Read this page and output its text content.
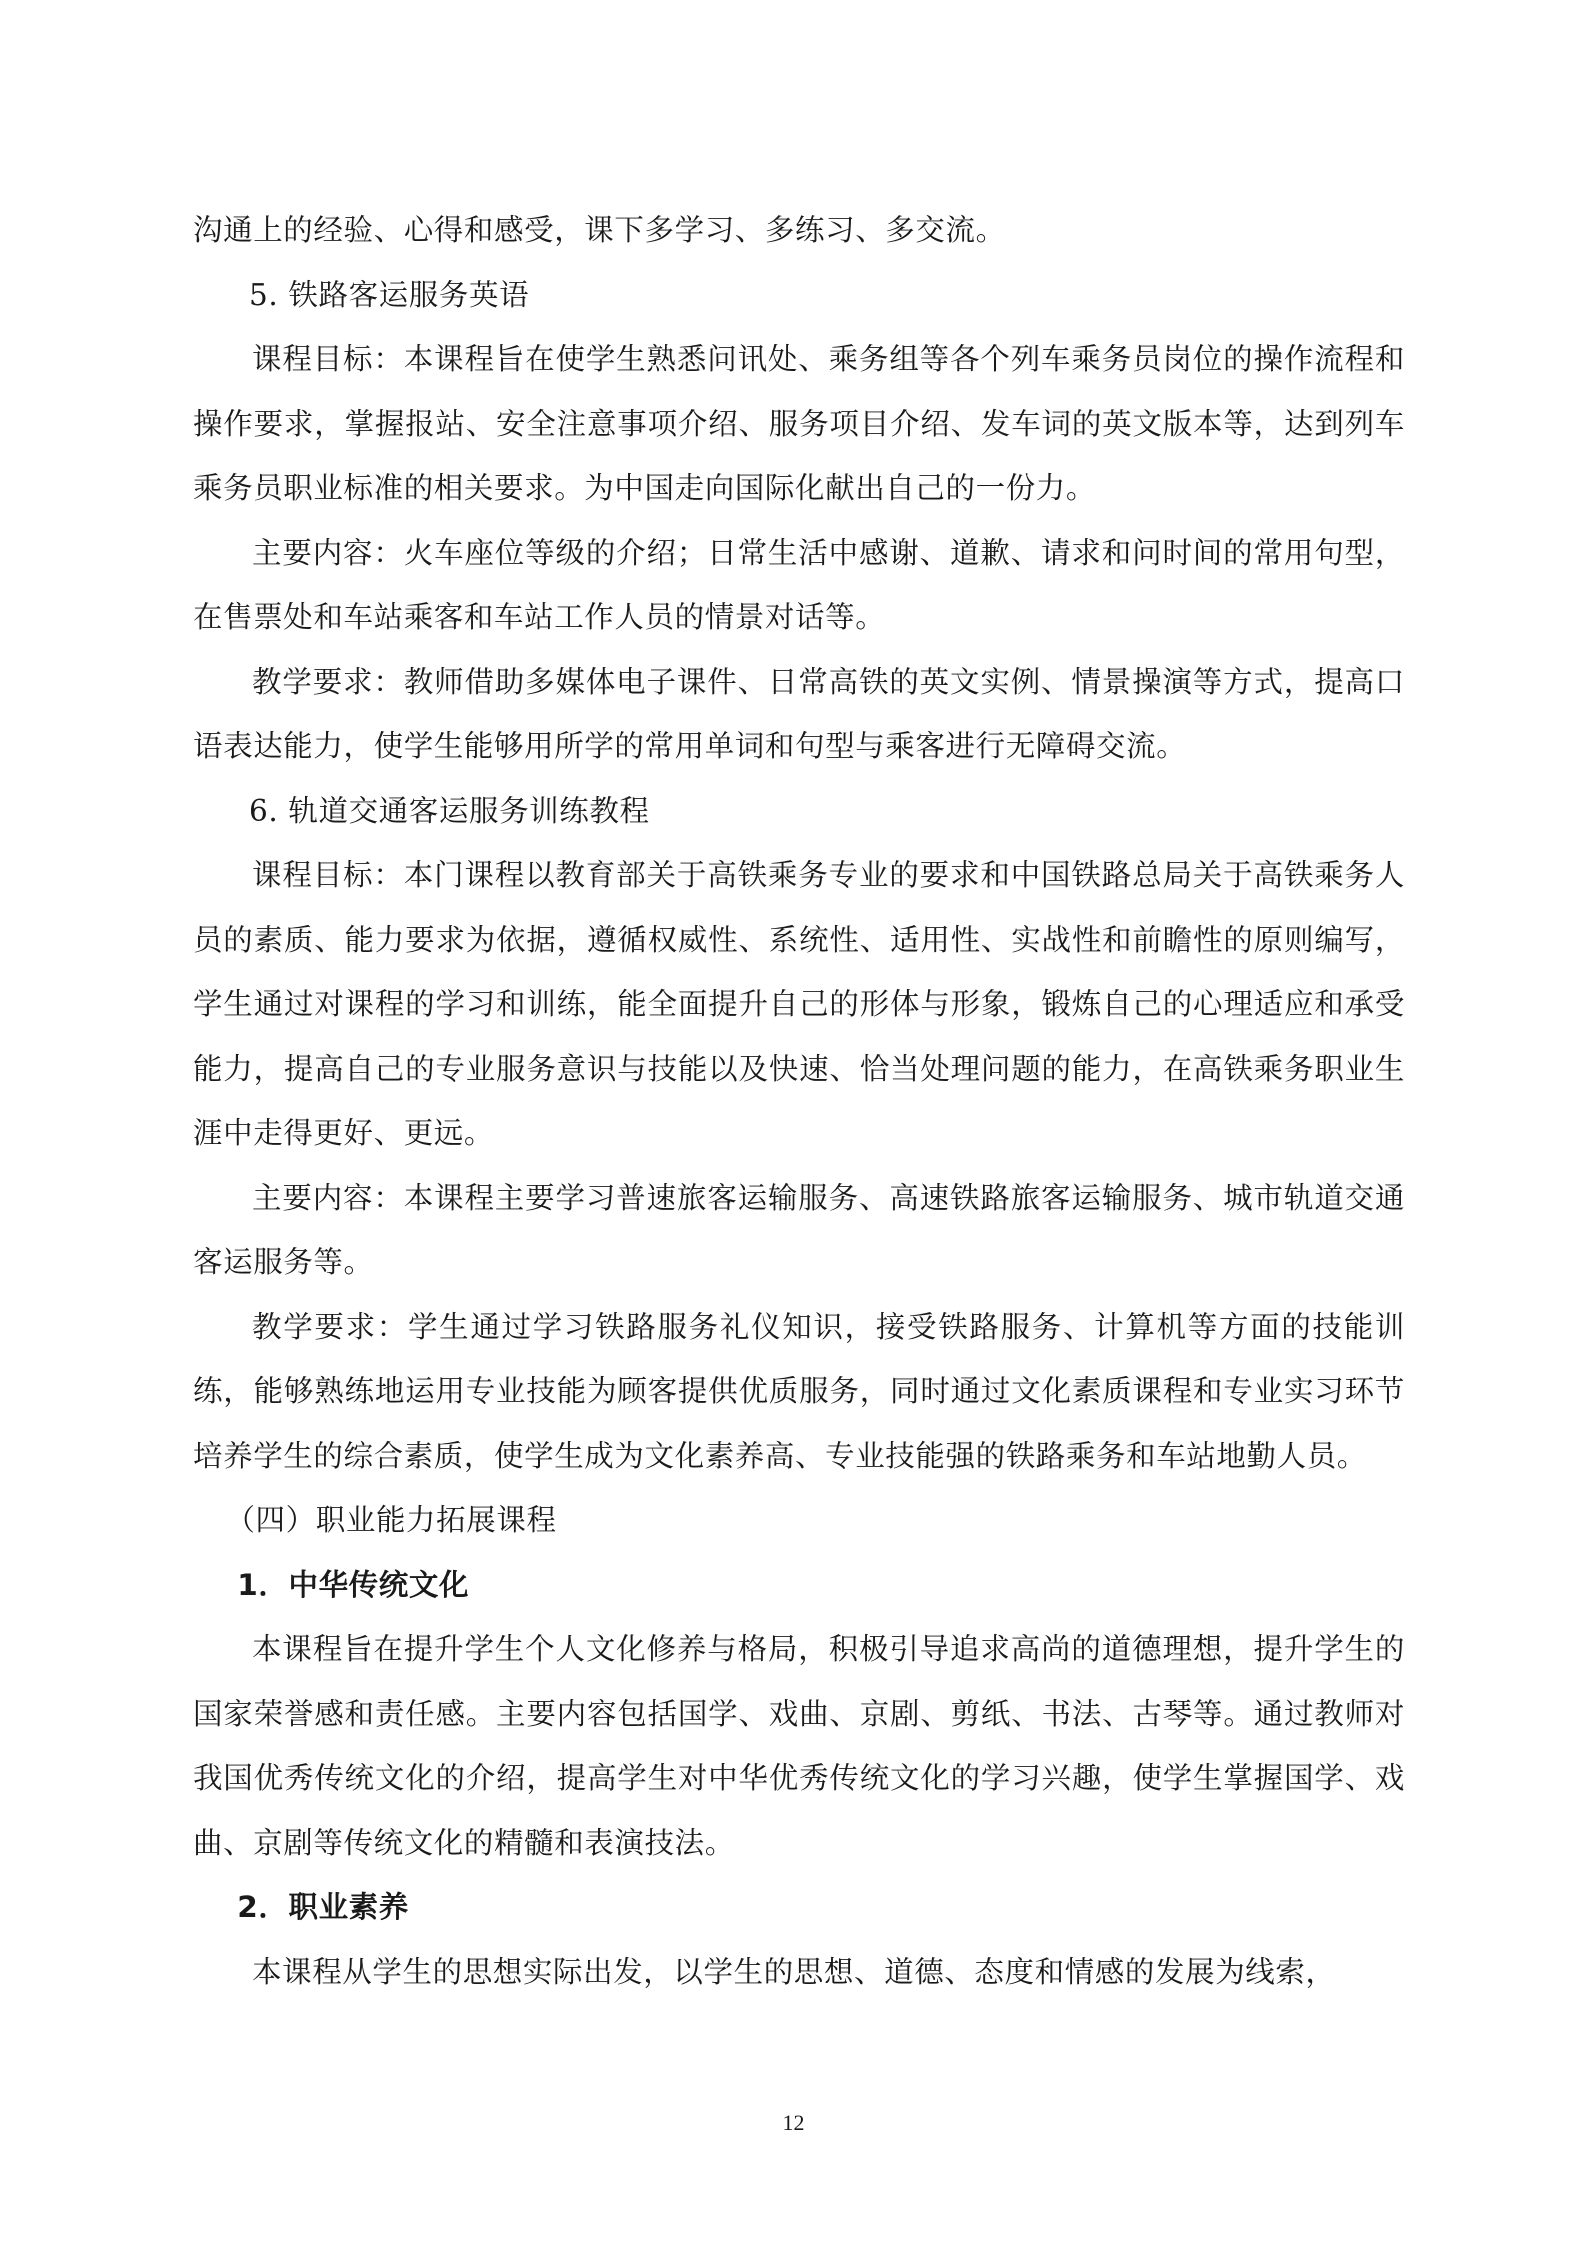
沟通上的经验、心得和感受，课下多学习、多练习、多交流。

5. 铁路客运服务英语

课程目标：本课程旨在使学生熟悉问讯处、乘务组等各个列车乘务员岗位的操作流程和操作要求，掌握报站、安全注意事项介绍、服务项目介绍、发车词的英文版本等，达到列车乘务员职业标准的相关要求。为中国走向国际化献出自己的一份力。

主要内容：火车座位等级的介绍；日常生活中感谢、道歉、请求和问时间的常用句型，在售票处和车站乘客和车站工作人员的情景对话等。

教学要求：教师借助多媒体电子课件、日常高铁的英文实例、情景操演等方式，提高口语表达能力，使学生能够用所学的常用单词和句型与乘客进行无障碍交流。

6. 轨道交通客运服务训练教程

课程目标：本门课程以教育部关于高铁乘务专业的要求和中国铁路总局关于高铁乘务人员的素质、能力要求为依据，遵循权威性、系统性、适用性、实战性和前瞻性的原则编写，学生通过对课程的学习和训练，能全面提升自己的形体与形象，锻炼自己的心理适应和承受能力，提高自己的专业服务意识与技能以及快速、恰当处理问题的能力，在高铁乘务职业生涯中走得更好、更远。

主要内容：本课程主要学习普速旅客运输服务、高速铁路旅客运输服务、城市轨道交通客运服务等。

教学要求：学生通过学习铁路服务礼仪知识，接受铁路服务、计算机等方面的技能训练，能够熟练地运用专业技能为顾客提供优质服务，同时通过文化素质课程和专业实习环节培养学生的综合素质，使学生成为文化素养高、专业技能强的铁路乘务和车站地勤人员。

（四）职业能力拓展课程

1．中华传统文化

本课程旨在提升学生个人文化修养与格局，积极引导追求高尚的道德理想，提升学生的国家荣誉感和责任感。主要内容包括国学、戏曲、京剧、剪纸、书法、古琴等。通过教师对我国优秀传统文化的介绍，提高学生对中华优秀传统文化的学习兴趣，使学生掌握国学、戏曲、京剧等传统文化的精髓和表演技法。

2．职业素养

本课程从学生的思想实际出发，以学生的思想、道德、态度和情感的发展为线索，

12
